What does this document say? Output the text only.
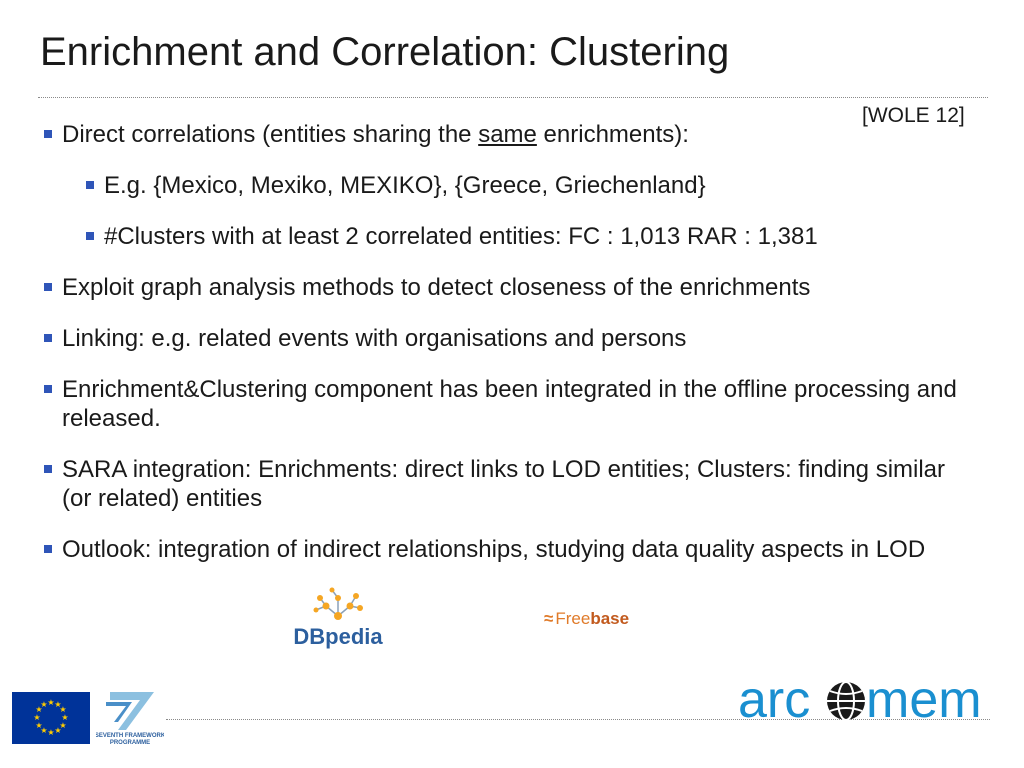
Enrichment and Correlation: Clustering
[WOLE 12]
Direct correlations (entities sharing the same enrichments):
E.g. {Mexico, Mexiko, MEXIKO}, {Greece, Griechenland}
#Clusters with at least 2 correlated entities: FC : 1,013 RAR : 1,381
Exploit graph analysis methods to detect closeness of the enrichments
Linking: e.g. related events with organisations and persons
Enrichment&Clustering component has been integrated in the offline processing and released.
SARA integration: Enrichments: direct links to LOD entities; Clusters: finding similar (or related) entities
Outlook: integration of indirect relationships, studying data quality aspects in LOD
DBpedia
≈ Freebase
★ ★
★
★
★
★
★
★
★
★
★
★
SEVENTH FRAMEWORK
PROGRAMME
arc mem
